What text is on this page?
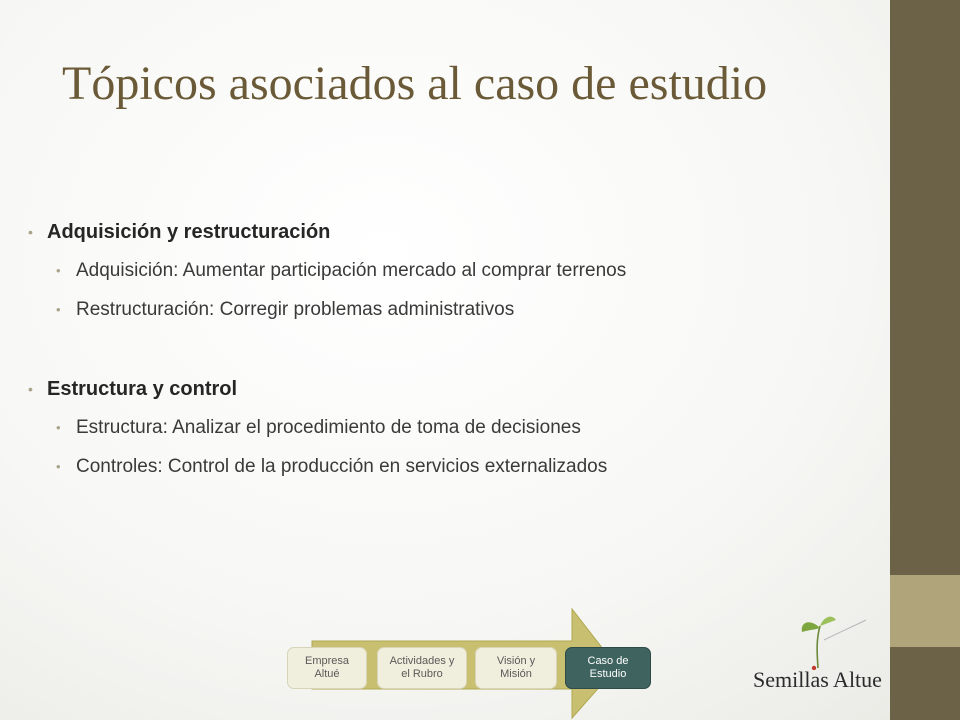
Tópicos asociados al caso de estudio
• Adquisición y restructuración
• Adquisición: Aumentar participación mercado al comprar terrenos
• Restructuración: Corregir problemas administrativos
• Estructura y control
• Estructura: Analizar el procedimiento de toma de decisiones
• Controles: Control de la producción en servicios externalizados
Empresa
Altué
Actividades y
el Rubro
Visión y
Misión
Caso de
Estudio	Semillas Altue
